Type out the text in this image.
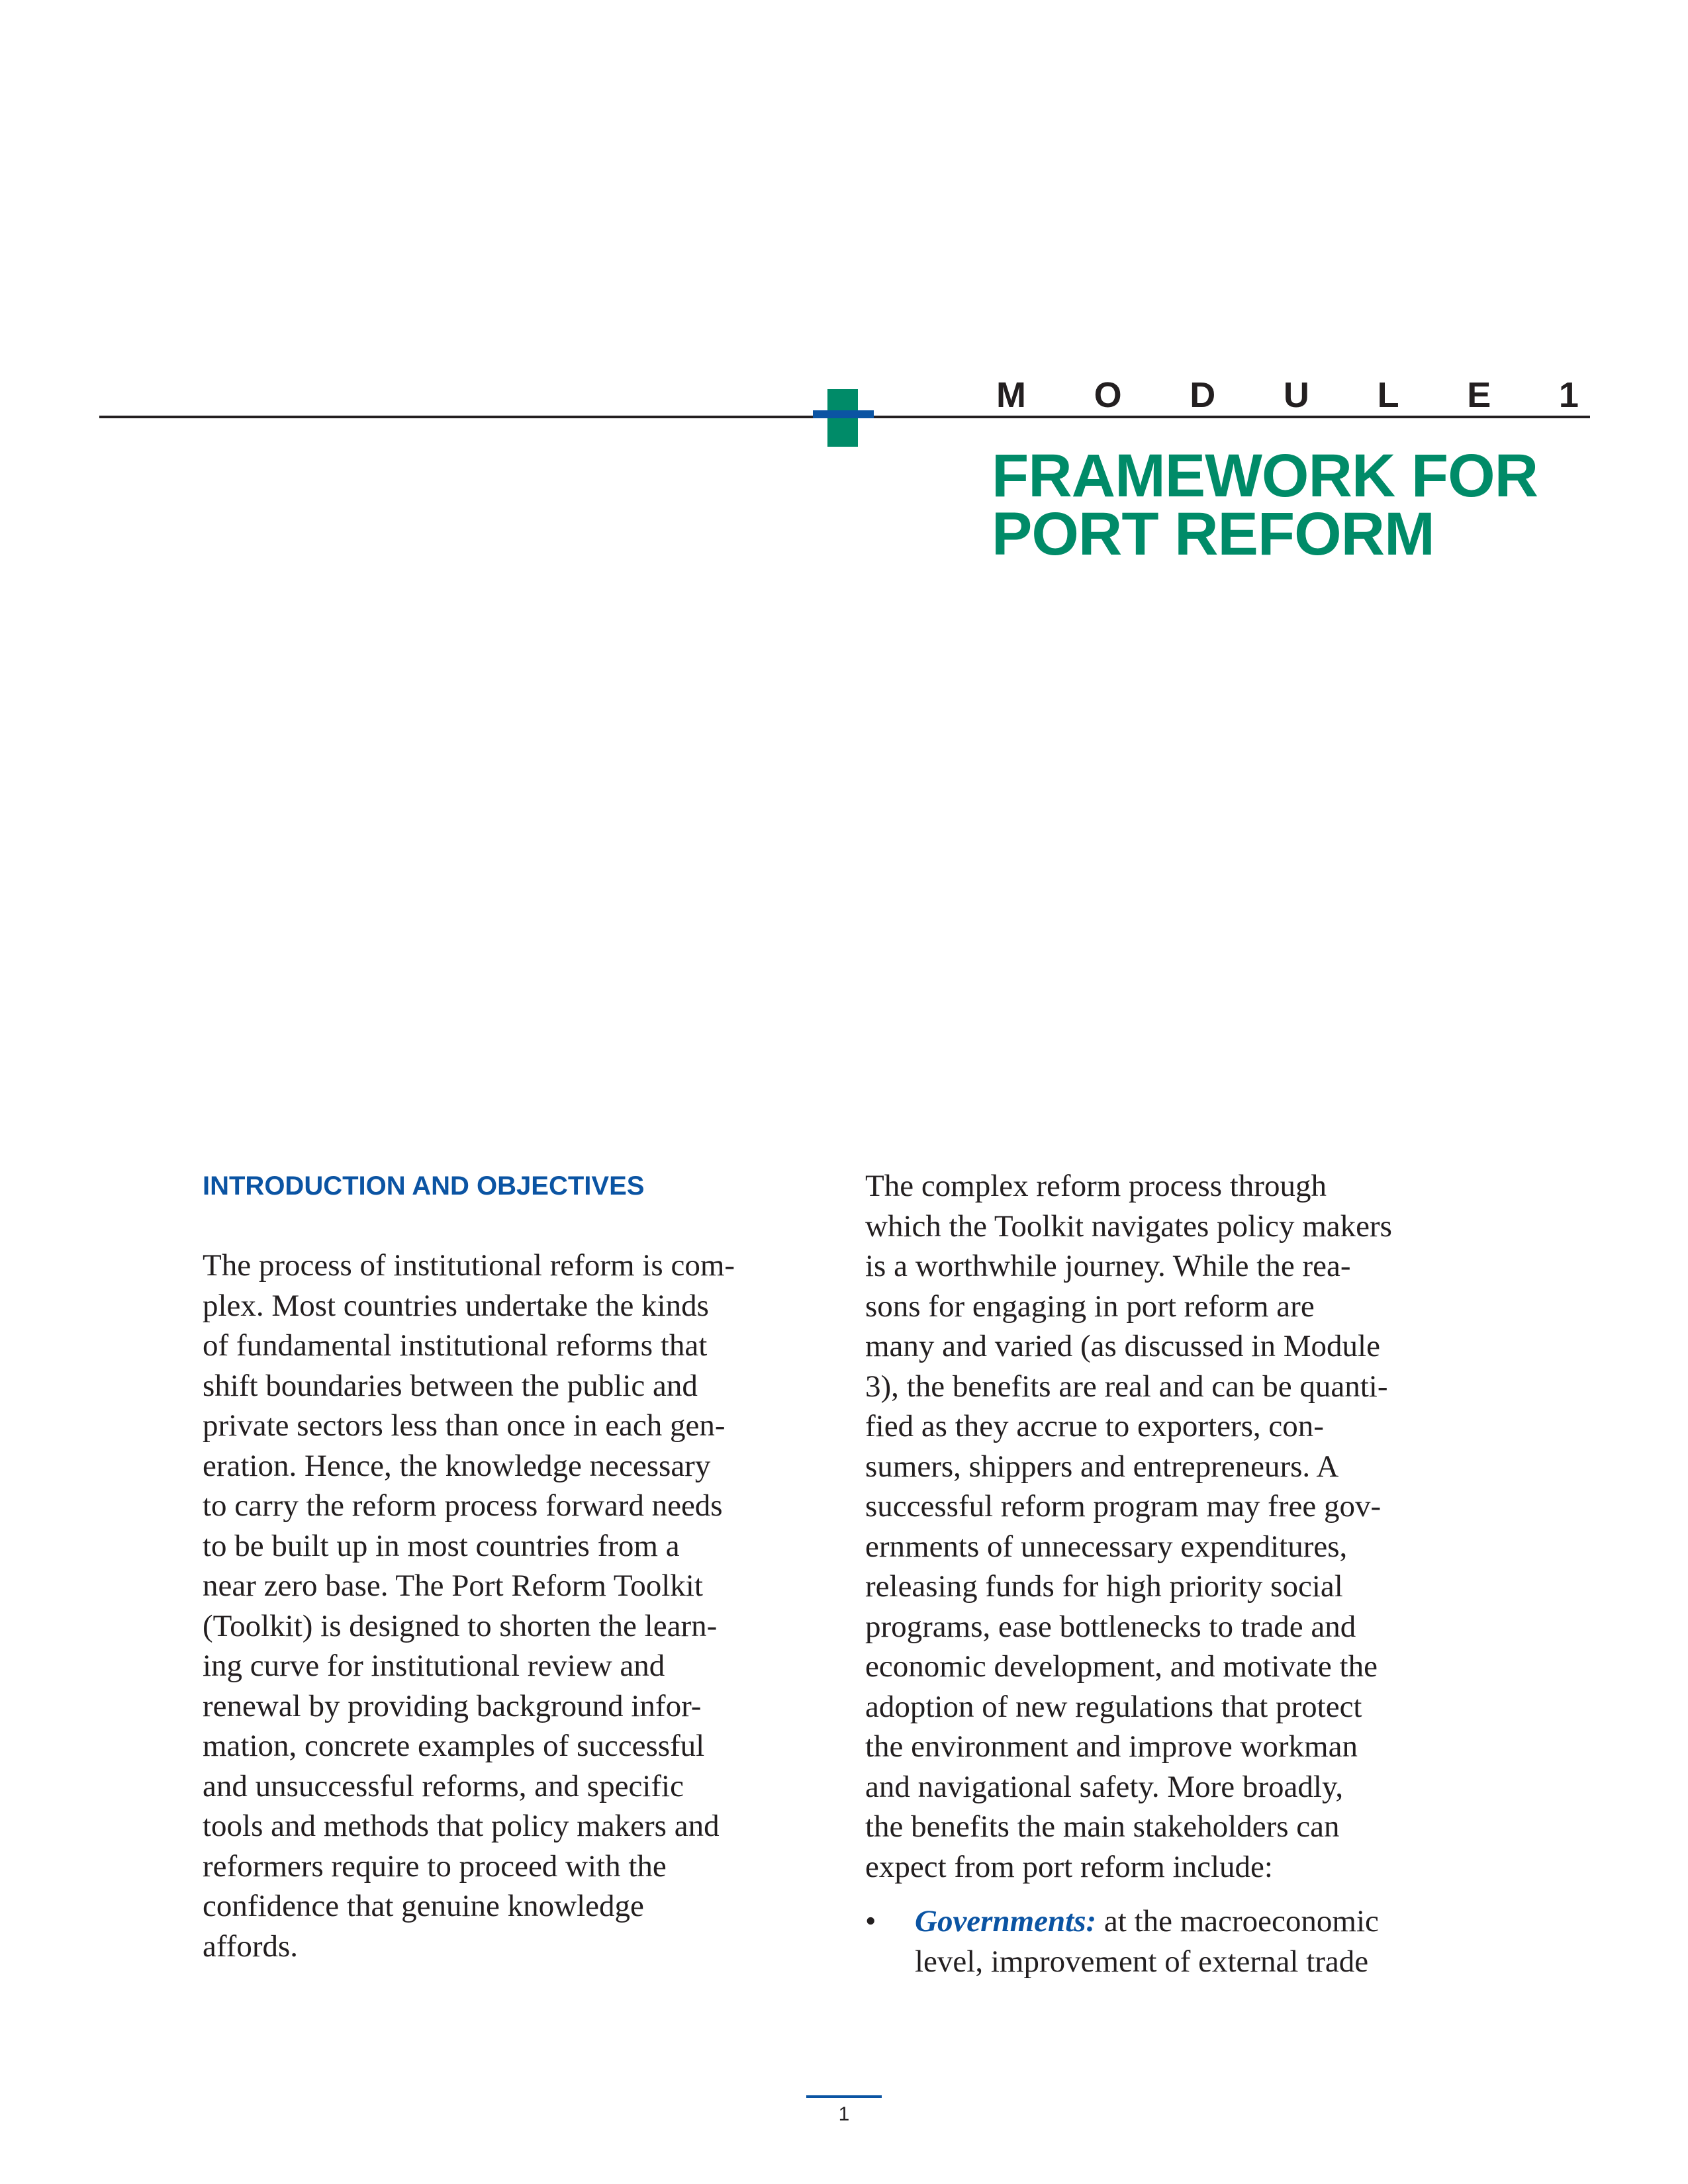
M O D U L E 1
FRAMEWORK FOR
PORT REFORM
INTRODUCTION AND OBJECTIVES
The process of institutional reform is com-
plex. Most countries undertake the kinds
of fundamental institutional reforms that
shift boundaries between the public and
private sectors less than once in each gen-
eration. Hence, the knowledge necessary
to carry the reform process forward needs
to be built up in most countries from a
near zero base. The Port Reform Toolkit
(Toolkit) is designed to shorten the learn-
ing curve for institutional review and
renewal by providing background infor-
mation, concrete examples of successful
and unsuccessful reforms, and specific
tools and methods that policy makers and
reformers require to proceed with the
confidence that genuine knowledge
affords.
The complex reform process through
which the Toolkit navigates policy makers
is a worthwhile journey. While the rea-
sons for engaging in port reform are
many and varied (as discussed in Module
3), the benefits are real and can be quanti-
fied as they accrue to exporters, con-
sumers, shippers and entrepreneurs. A
successful reform program may free gov-
ernments of unnecessary expenditures,
releasing funds for high priority social
programs, ease bottlenecks to trade and
economic development, and motivate the
adoption of new regulations that protect
the environment and improve workman
and navigational safety. More broadly,
the benefits the main stakeholders can
expect from port reform include:
• Governments: at the macroeconomic
level, improvement of external trade
1
